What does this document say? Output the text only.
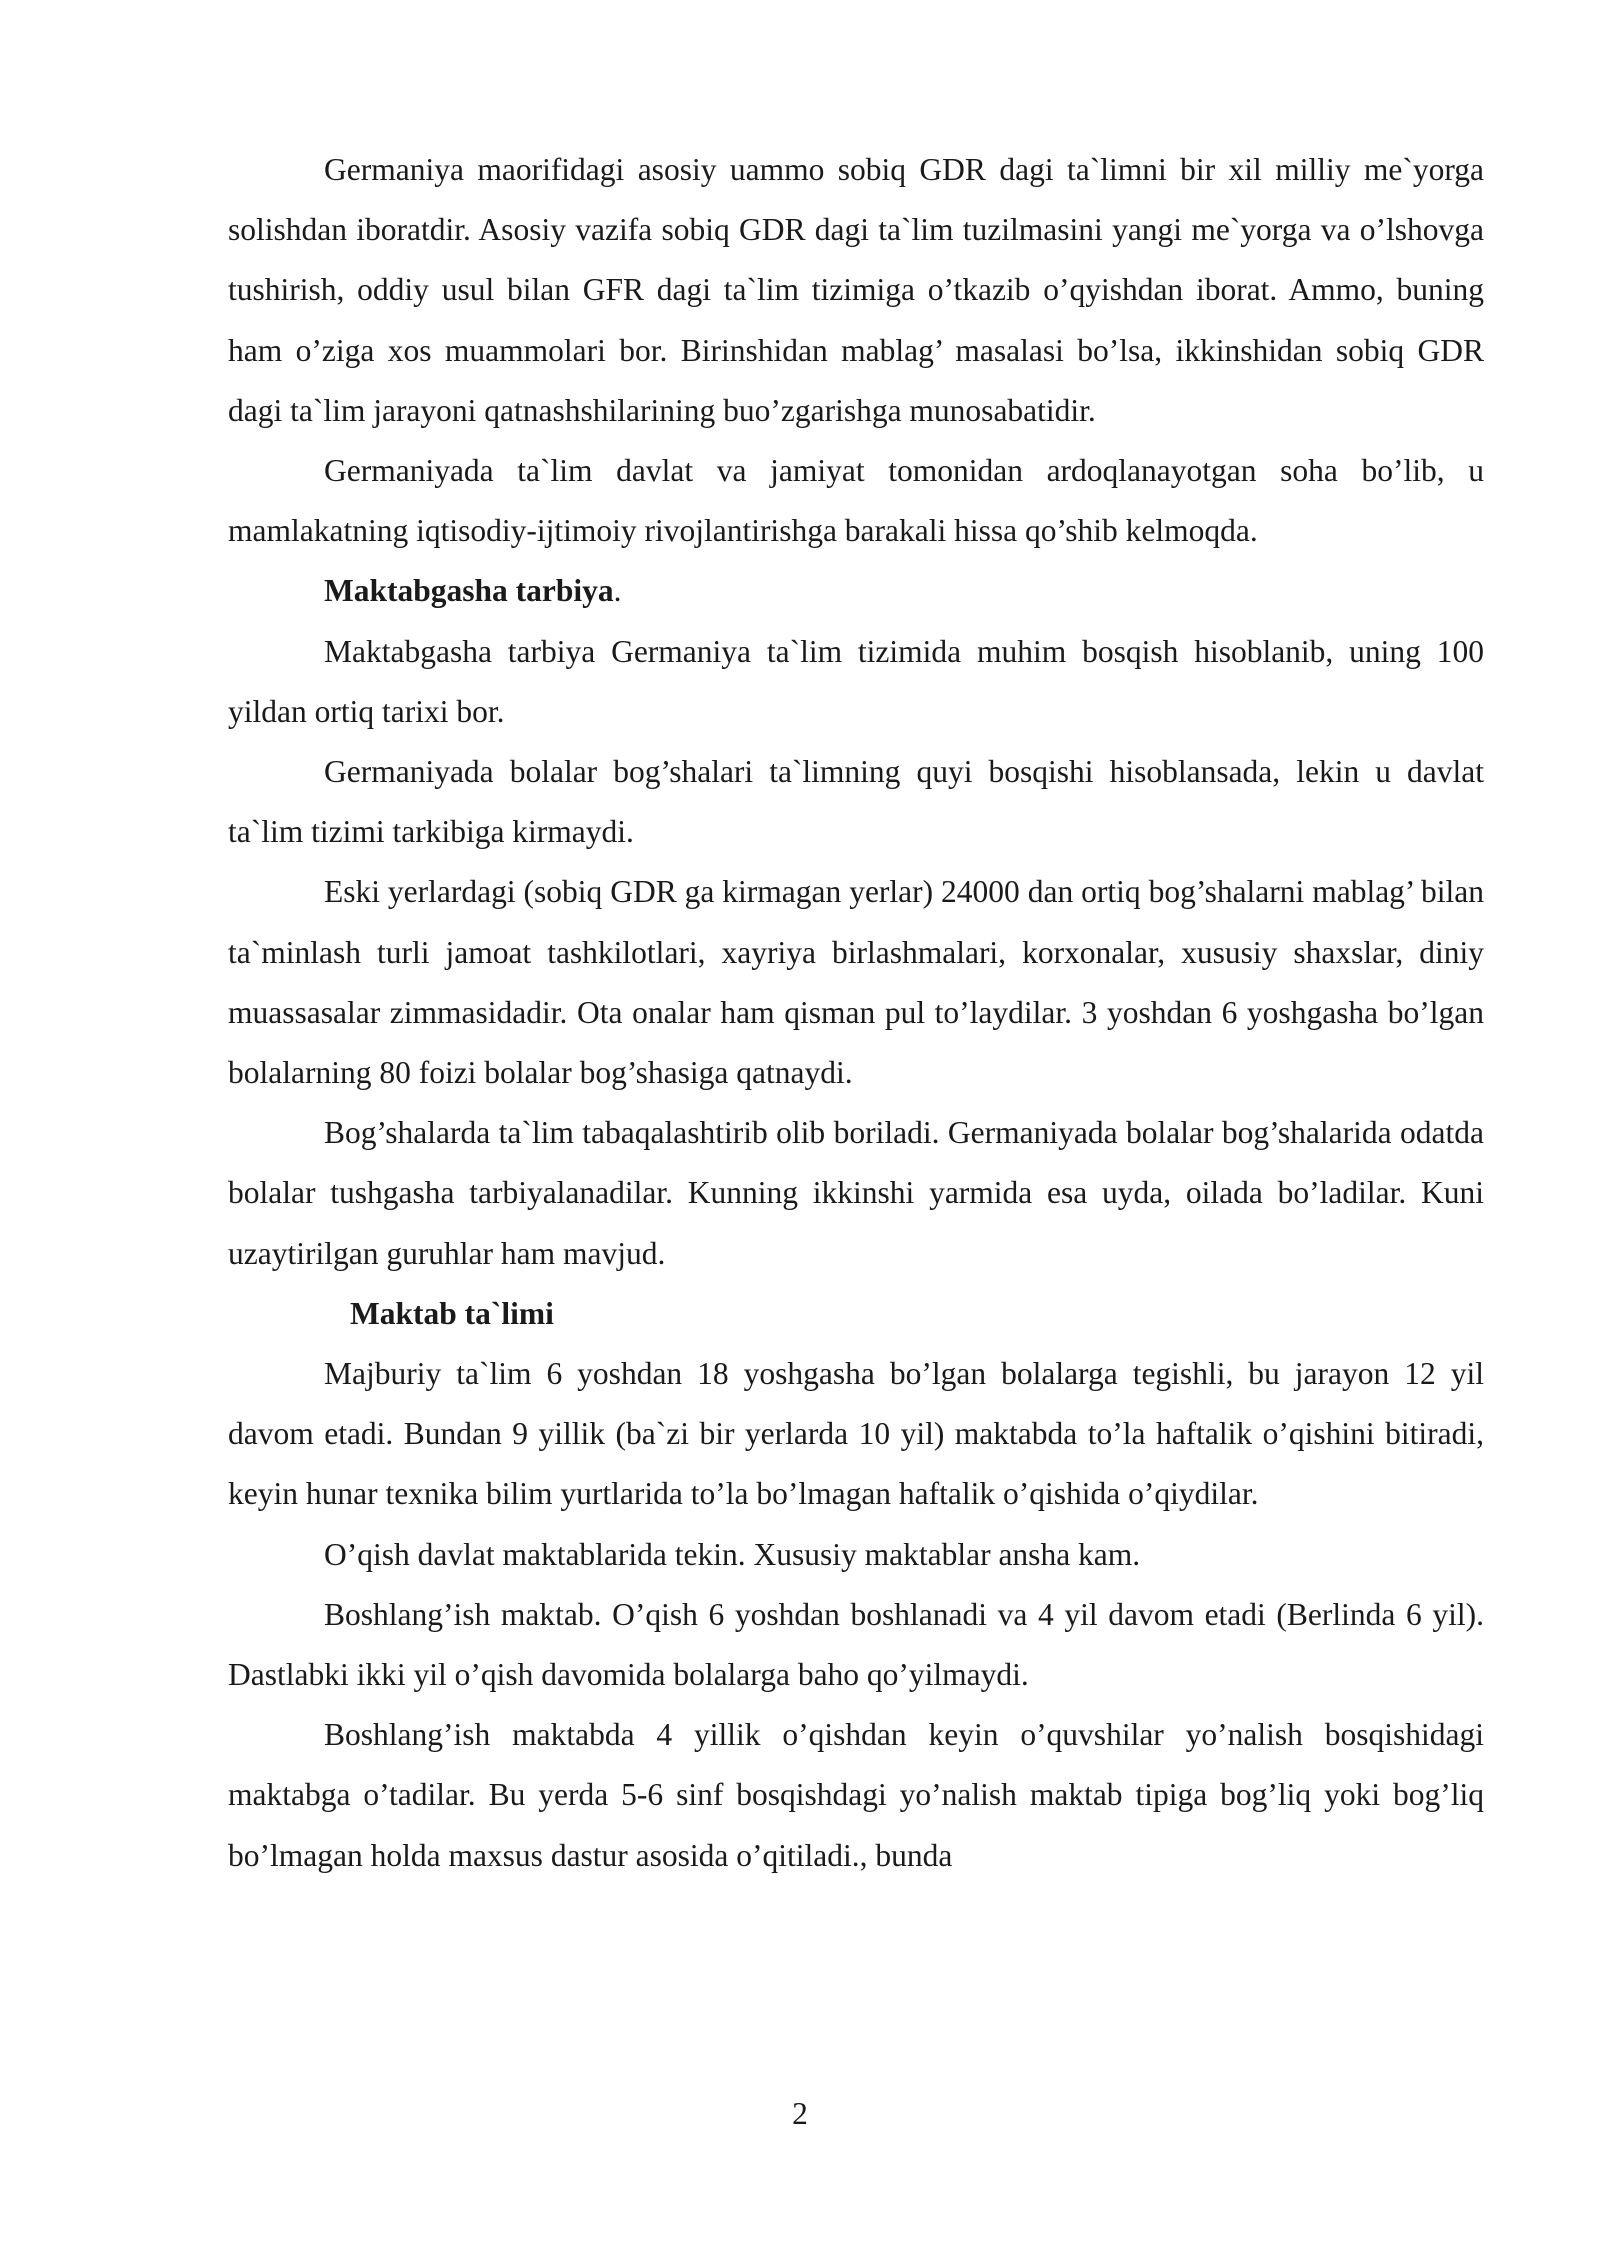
Germaniya maorifidagi asosiy uammo sobiq GDR dagi ta`limni bir xil milliy me`yorga solishdan iboratdir. Asosiy vazifa sobiq GDR dagi ta`lim tuzilmasini yangi me`yorga va o’lshovga tushirish, oddiy usul bilan GFR dagi ta`lim tizimiga o’tkazib o’qyishdan iborat. Ammo, buning ham o’ziga xos muammolari bor. Birinshidan mablag’ masalasi bo’lsa, ikkinshidan sobiq GDR dagi ta`lim jarayoni qatnashshilarining buo’zgarishga munosabatidir.

Germaniyada ta`lim davlat va jamiyat tomonidan ardoqlanayotgan soha bo’lib, u mamlakatning iqtisodiy-ijtimoiy rivojlantirishga barakali hissa qo’shib kelmoqda.

Maktabgasha tarbiya.

Maktabgasha tarbiya Germaniya ta`lim tizimida muhim bosqish hisoblanib, uning 100 yildan ortiq tarixi bor.

Germaniyada bolalar bog’shalari ta`limning quyi bosqishi hisoblansada, lekin u davlat ta`lim tizimi tarkibiga kirmaydi.

Eski yerlardagi (sobiq GDR ga kirmagan yerlar) 24000 dan ortiq bog’shalarni mablag’ bilan ta`minlash turli jamoat tashkilotlari, xayriya birlashmalari, korxonalar, xususiy shaxslar, diniy muassasalar zimmasidadir. Ota onalar ham qisman pul to’laydilar. 3 yoshdan 6 yoshgasha bo’lgan bolalarning 80 foizi bolalar bog’shasiga qatnaydi.

Bog’shalarda ta`lim tabaqalashtirib olib boriladi. Germaniyada bolalar bog’shalarida odatda bolalar tushgasha tarbiyalanadilar. Kunning ikkinshi yarmida esa uyda, oilada bo’ladilar. Kuni uzaytirilgan guruhlar ham mavjud.

Maktab ta`limi

Majburiy ta`lim 6 yoshdan 18 yoshgasha bo’lgan bolalarga tegishli, bu jarayon 12 yil davom etadi. Bundan 9 yillik (ba`zi bir yerlarda 10 yil) maktabda to’la haftalik o’qishini bitiradi, keyin hunar texnika bilim yurtlarida to’la bo’lmagan haftalik o’qishida o’qiydilar.

O’qish davlat maktablarida tekin. Xususiy maktablar ansha kam.

Boshlang’ish maktab. O’qish 6 yoshdan boshlanadi va 4 yil davom etadi (Berlinda 6 yil). Dastlabki ikki yil o’qish davomida bolalarga baho qo’yilmaydi.

Boshlang’ish maktabda 4 yillik o’qishdan keyin o’quvshilar yo’nalish bosqishidagi maktabga o’tadilar. Bu yerda 5-6 sinf bosqishdagi yo’nalish maktab tipiga bog’liq yoki bog’liq bo’lmagan holda maxsus dastur asosida o’qitiladi., bunda

2
